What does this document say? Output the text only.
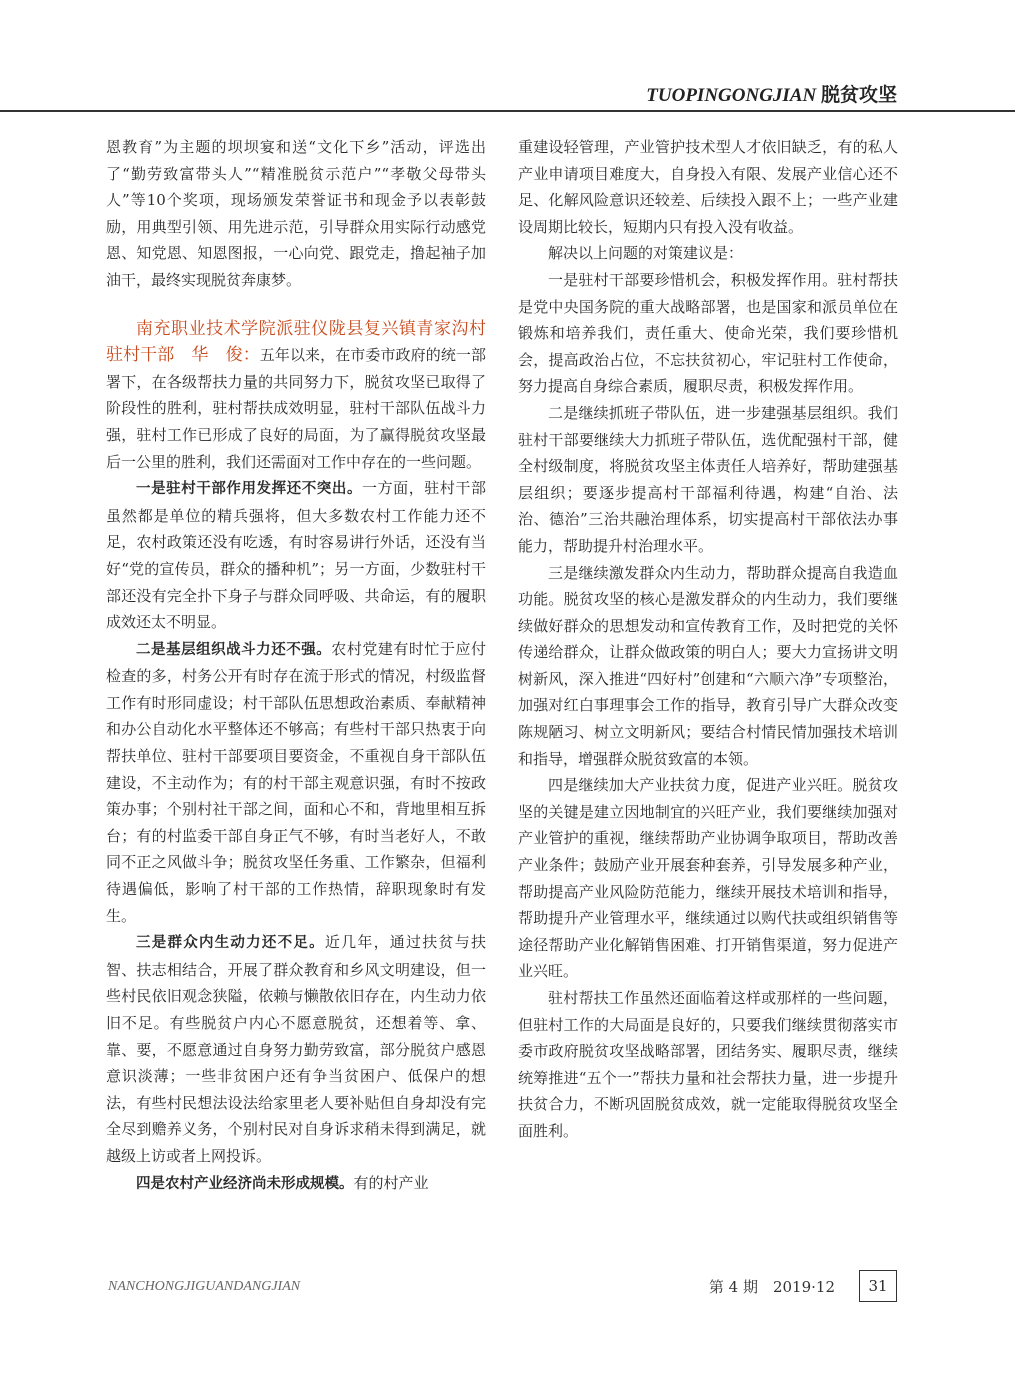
TUOPINGONGJIAN 脱贫攻坚

恩教育”为主题的坝坝宴和送“文化下乡”活动，评选出了“勤劳致富带头人”“精准脱贫示范户”“孝敬父母带头人”等10个奖项，现场颁发荣誉证书和现金予以表彰鼓励，用典型引领、用先进示范，引导群众用实际行动感党恩、知党恩、知恩图报，一心向党、跟党走，撸起袖子加油干，最终实现脱贫奔康梦。

南充职业技术学院派驻仪陇县复兴镇青家沟村驻村干部　华　俊：五年以来，在市委市政府的统一部署下，在各级帮扶力量的共同努力下，脱贫攻坚已取得了阶段性的胜利，驻村帮扶成效明显，驻村干部队伍战斗力强，驻村工作已形成了良好的局面，为了赢得脱贫攻坚最后一公里的胜利，我们还需面对工作中存在的一些问题。

一是驻村干部作用发挥还不突出。一方面，驻村干部虽然都是单位的精兵强将，但大多数农村工作能力还不足，农村政策还没有吃透，有时容易讲行外话，还没有当好“党的宣传员，群众的播种机”；另一方面，少数驻村干部还没有完全扑下身子与群众同呼吸、共命运，有的履职成效还太不明显。

二是基层组织战斗力还不强。农村党建有时忙于应付检查的多，村务公开有时存在流于形式的情况，村级监督工作有时形同虚设；村干部队伍思想政治素质、奉献精神和办公自动化水平整体还不够高；有些村干部只热衷于向帮扶单位、驻村干部要项目要资金，不重视自身干部队伍建设，不主动作为；有的村干部主观意识强，有时不按政策办事；个别村社干部之间，面和心不和，背地里相互拆台；有的村监委干部自身正气不够，有时当老好人，不敢同不正之风做斗争；脱贫攻坚任务重、工作繁杂，但福利待遇偏低，影响了村干部的工作热情，辞职现象时有发生。

三是群众内生动力还不足。近几年，通过扶贫与扶智、扶志相结合，开展了群众教育和乡风文明建设，但一些村民依旧观念狭隘，依赖与懒散依旧存在，内生动力依旧不足。有些脱贫户内心不愿意脱贫，还想着等、拿、靠、要，不愿意通过自身努力勤劳致富，部分脱贫户感恩意识淡薄；一些非贫困户还有争当贫困户、低保户的想法，有些村民想法设法给家里老人要补贴但自身却没有完全尽到赡养义务，个别村民对自身诉求稍未得到满足，就越级上访或者上网投诉。

四是农村产业经济尚未形成规模。有的村产业

重建设轻管理，产业管护技术型人才依旧缺乏，有的私人产业申请项目难度大，自身投入有限、发展产业信心还不足、化解风险意识还较差、后续投入跟不上；一些产业建设周期比较长，短期内只有投入没有收益。

解决以上问题的对策建议是：

一是驻村干部要珍惜机会，积极发挥作用。驻村帮扶是党中央国务院的重大战略部署，也是国家和派员单位在锻炼和培养我们，责任重大、使命光荣，我们要珍惜机会，提高政治占位，不忘扶贫初心，牢记驻村工作使命，努力提高自身综合素质，履职尽责，积极发挥作用。

二是继续抓班子带队伍，进一步建强基层组织。我们驻村干部要继续大力抓班子带队伍，选优配强村干部，健全村级制度，将脱贫攻坚主体责任人培养好，帮助建强基层组织；要逐步提高村干部福利待遇，构建“自治、法治、德治”三治共融治理体系，切实提高村干部依法办事能力，帮助提升村治理水平。

三是继续激发群众内生动力，帮助群众提高自我造血功能。脱贫攻坚的核心是激发群众的内生动力，我们要继续做好群众的思想发动和宣传教育工作，及时把党的关怀传递给群众，让群众做政策的明白人；要大力宣扬讲文明树新风，深入推进“四好村”创建和“六顺六净”专项整治，加强对红白事理事会工作的指导，教育引导广大群众改变陈规陋习、树立文明新风；要结合村情民情加强技术培训和指导，增强群众脱贫致富的本领。

四是继续加大产业扶贫力度，促进产业兴旺。脱贫攻坚的关键是建立因地制宜的兴旺产业，我们要继续加强对产业管护的重视，继续帮助产业协调争取项目，帮助改善产业条件；鼓励产业开展套种套养，引导发展多种产业，帮助提高产业风险防范能力，继续开展技术培训和指导，帮助提升产业管理水平，继续通过以购代扶或组织销售等途径帮助产业化解销售困难、打开销售渠道，努力促进产业兴旺。

驻村帮扶工作虽然还面临着这样或那样的一些问题，但驻村工作的大局面是良好的，只要我们继续贯彻落实市委市政府脱贫攻坚战略部署，团结务实、履职尽责，继续统筹推进“五个一”帮扶力量和社会帮扶力量，进一步提升扶贫合力，不断巩固脱贫成效，就一定能取得脱贫攻坚全面胜利。

NANCHONGJIGUANDANGJIAN	第 4 期　2019·12	31
